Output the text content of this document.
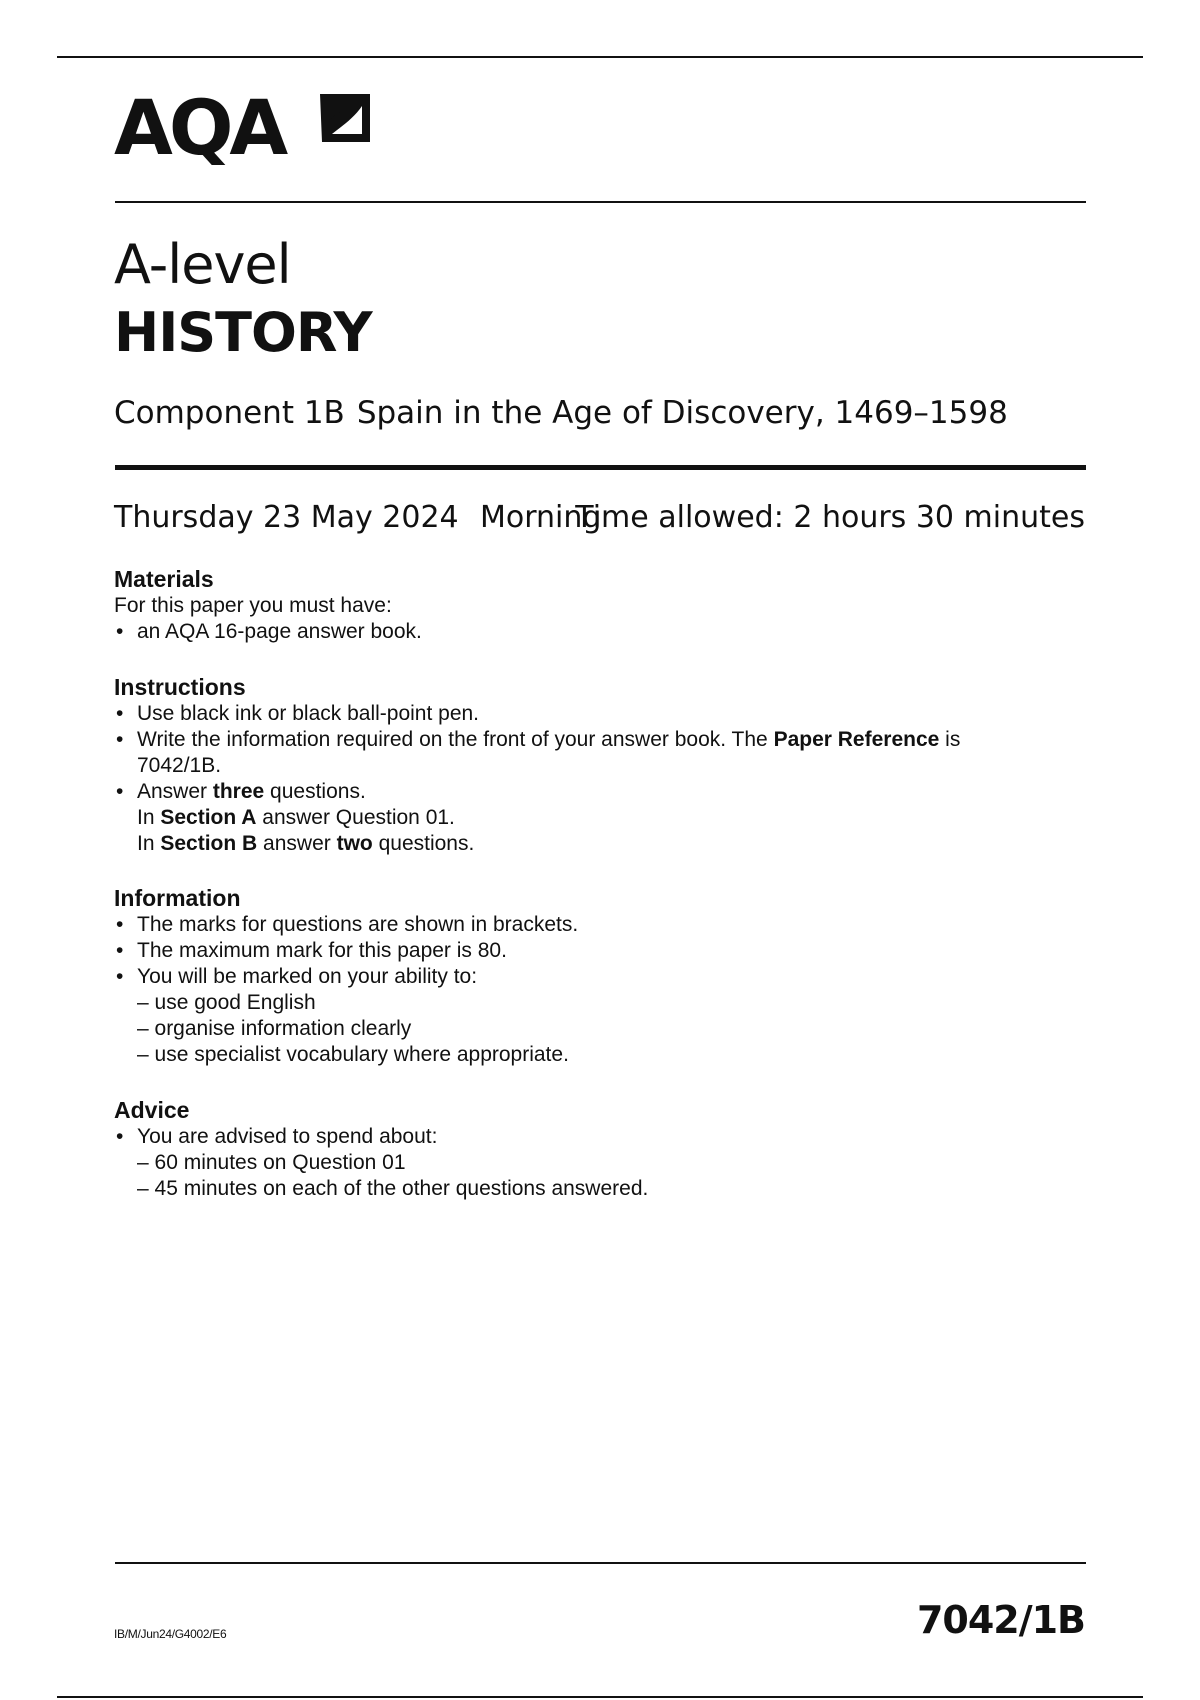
AQA
A-level
HISTORY
Component 1B Spain in the Age of Discovery, 1469–1598
Thursday 23 May 2024 Morning
Time allowed: 2 hours 30 minutes
Materials

For this paper you must have:

• an AQA 16-page answer book.
Instructions
• Use black ink or black ball-point pen.
• Write the information required on the front of your answer book. The Paper Reference is
7042/1B.
• Answer three questions.
In Section A answer Question 01.
In Section B answer two questions.
Information
• The marks for questions are shown in brackets.
• The maximum mark for this paper is 80.
• You will be marked on your ability to:
– use good English
– organise information clearly
– use specialist vocabulary where appropriate.
Advice
• You are advised to spend about:
– 60 minutes on Question 01
– 45 minutes on each of the other questions answered.
IB/M/Jun24/G4002/E6	7042/1B
